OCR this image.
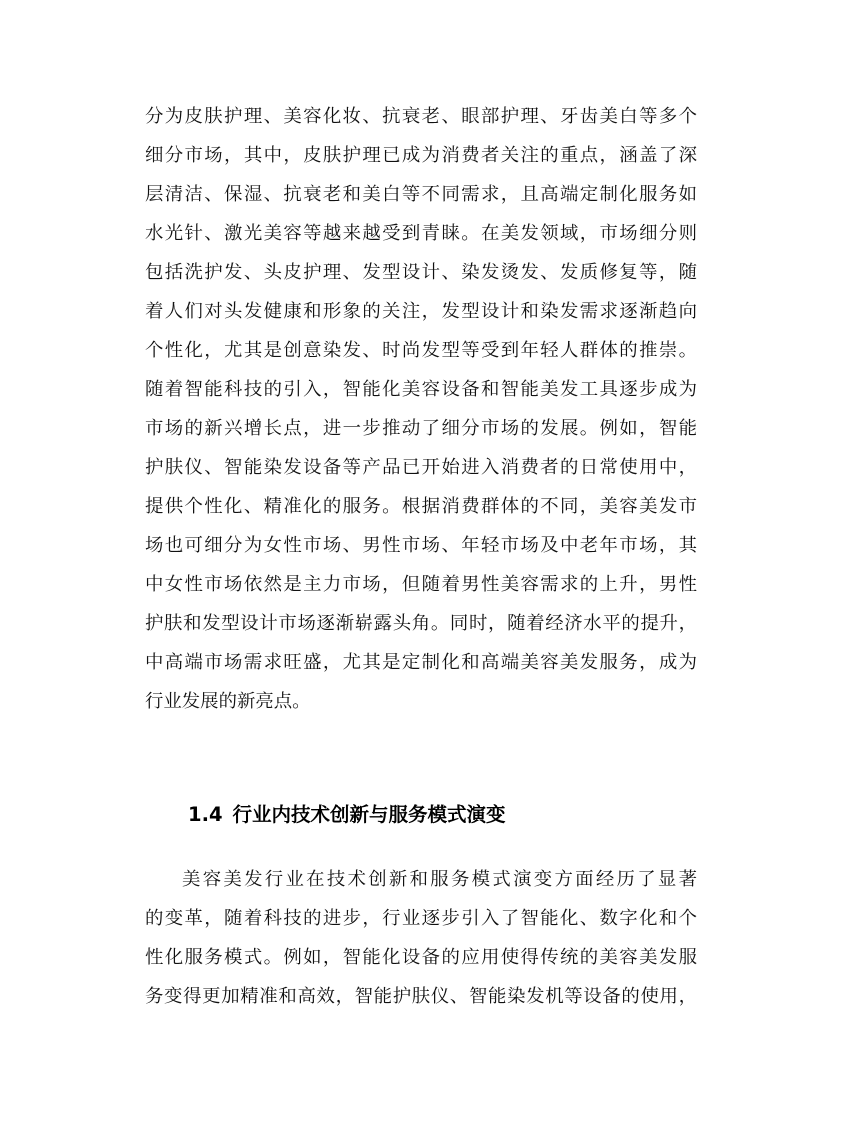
分为皮肤护理、美容化妆、抗衰老、眼部护理、牙齿美白等多个
细分市场，其中，皮肤护理已成为消费者关注的重点，涵盖了深
层清洁、保湿、抗衰老和美白等不同需求，且高端定制化服务如
水光针、激光美容等越来越受到青睐。在美发领域，市场细分则
包括洗护发、头皮护理、发型设计、染发烫发、发质修复等，随
着人们对头发健康和形象的关注，发型设计和染发需求逐渐趋向
个性化，尤其是创意染发、时尚发型等受到年轻人群体的推崇。
随着智能科技的引入，智能化美容设备和智能美发工具逐步成为
市场的新兴增长点，进一步推动了细分市场的发展。例如，智能
护肤仪、智能染发设备等产品已开始进入消费者的日常使用中，
提供个性化、精准化的服务。根据消费群体的不同，美容美发市
场也可细分为女性市场、男性市场、年轻市场及中老年市场，其
中女性市场依然是主力市场，但随着男性美容需求的上升，男性
护肤和发型设计市场逐渐崭露头角。同时，随着经济水平的提升，
中高端市场需求旺盛，尤其是定制化和高端美容美发服务，成为
行业发展的新亮点。
1.4 行业内技术创新与服务模式演变
美容美发行业在技术创新和服务模式演变方面经历了显著
的变革，随着科技的进步，行业逐步引入了智能化、数字化和个
性化服务模式。例如，智能化设备的应用使得传统的美容美发服
务变得更加精准和高效，智能护肤仪、智能染发机等设备的使用，
